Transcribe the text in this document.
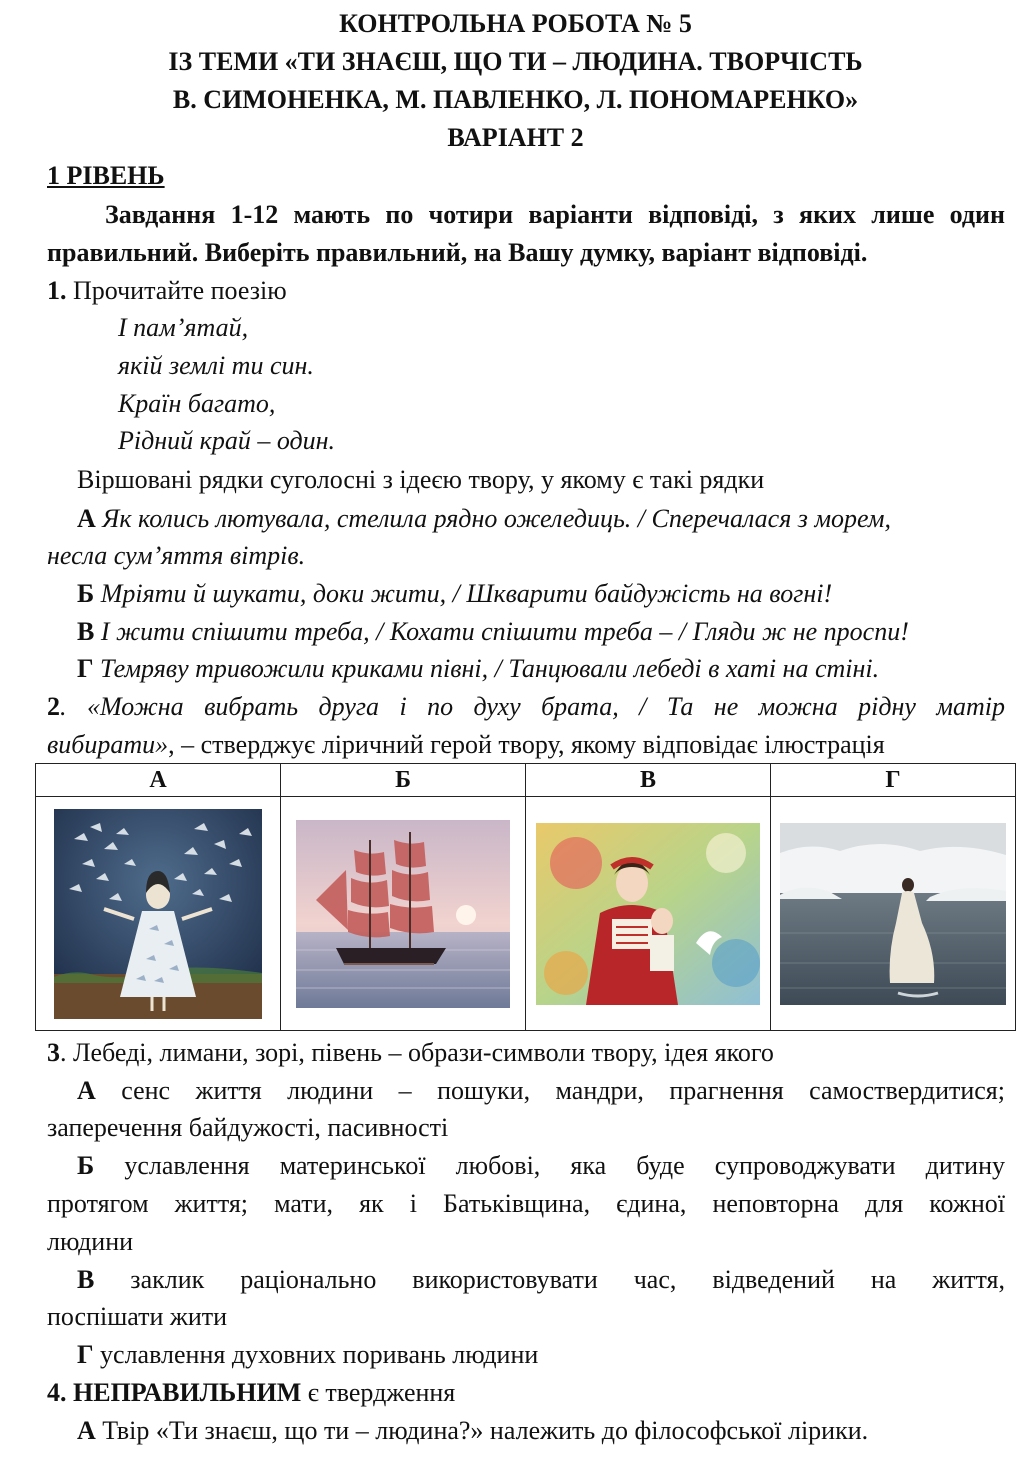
КОНТРОЛЬНА РОБОТА № 5
ІЗ ТЕМИ «ТИ ЗНАЄШ, ЩО ТИ – ЛЮДИНА. ТВОРЧІСТЬ
В. СИМОНЕНКА, М. ПАВЛЕНКО, Л. ПОНОМАРЕНКО»
ВАРІАНТ 2
1 РІВЕНЬ
Завдання 1-12 мають по чотири варіанти відповіді, з яких лише один
правильний. Виберіть правильний, на Вашу думку, варіант відповіді.
1. Прочитайте поезію
І пам’ятай,
якій землі ти син.
Країн багато,
Рідний край – один.
Віршовані рядки суголосні з ідеєю твору, у якому є такі рядки
А Як колись лютувала, стелила рядно ожеледиць. / Сперечалася з морем,
несла сум’яття вітрів.
Б Мріяти й шукати, доки жити, / Шкварити байдужість на вогні!
В І жити спішити треба, / Кохати спішити треба – / Гляди ж не проспи!
Г Темряву тривожили криками півні, / Танцювали лебеді в хаті на стіні.
2. «Можна вибрать друга і по духу брата, / Та не можна рідну матір
вибирати», – стверджує ліричний герой твору, якому відповідає ілюстрація
А	Б	В	Г

3. Лебеді, лимани, зорі, півень – образи-символи твору, ідея якого
А сенс життя людини – пошуки, мандри, прагнення самоствердитися;
заперечення байдужості, пасивності
Б уславлення материнської любові, яка буде супроводжувати дитину
протягом життя; мати, як і Батьківщина, єдина, неповторна для кожної
людини
В заклик раціонально використовувати час, відведений на життя,
поспішати жити
Г уславлення духовних поривань людини
4. НЕПРАВИЛЬНИМ є твердження
А Твір «Ти знаєш, що ти – людина?» належить до філософської лірики.
